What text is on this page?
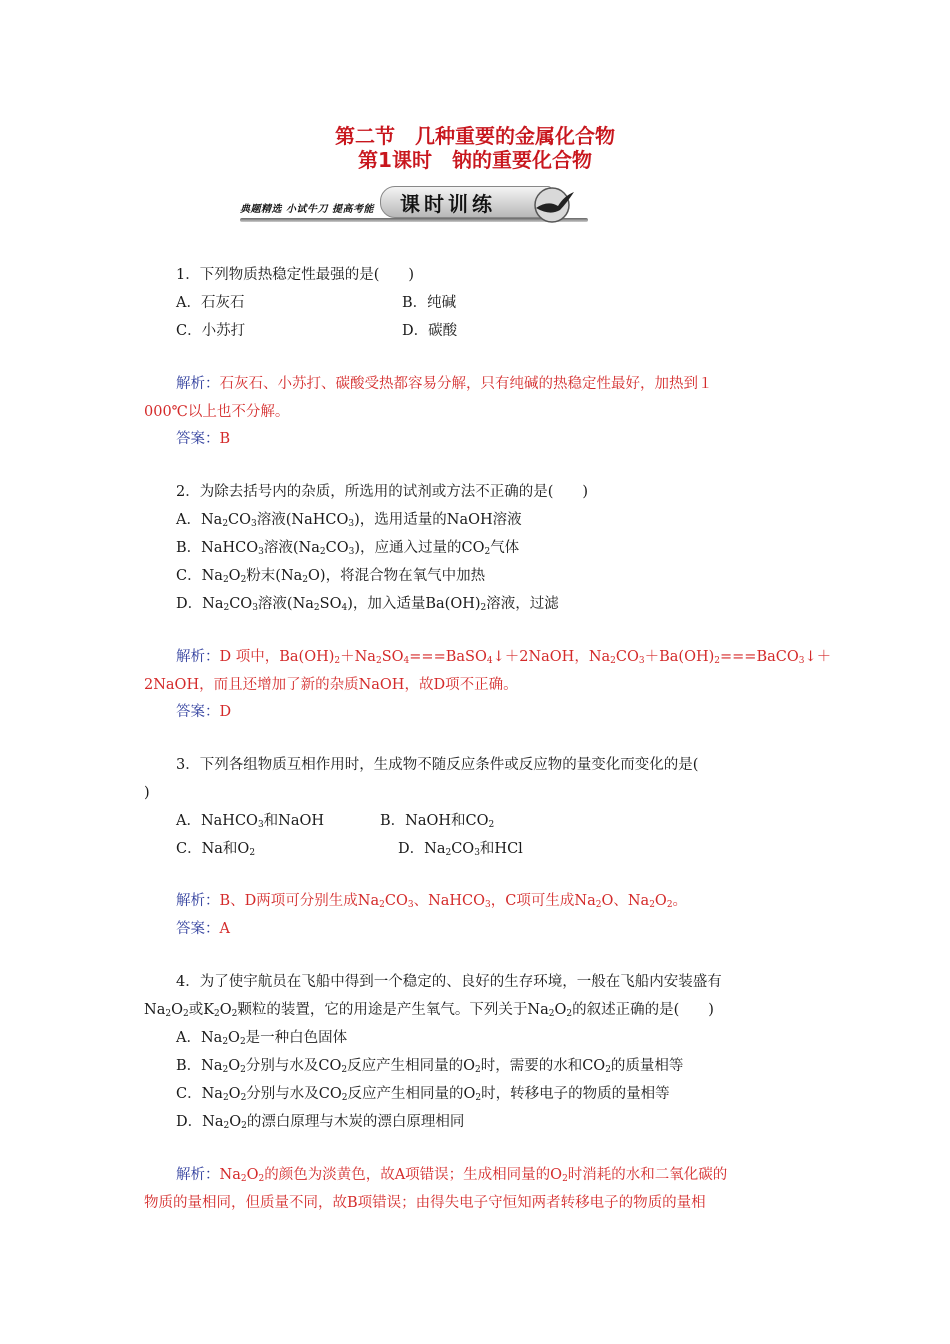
第二节　几种重要的金属化合物
第1课时　钠的重要化合物
典题精选 小试牛刀 提高考能 课时训练
1．下列物质热稳定性最强的是(　　)
A．石灰石	B．纯碱
C．小苏打	D．碳酸
解析：石灰石、小苏打、碳酸受热都容易分解，只有纯碱的热稳定性最好，加热到１
000℃以上也不分解。
答案：B
2．为除去括号内的杂质，所选用的试剂或方法不正确的是(　　)
A．$Na_2CO_3$溶液(NaHCO$_3$)，选用适量的NaOH溶液
B．NaHCO$_3$溶液$(Na_2CO_3)$，应通入过量的$CO_2$气体
C．$Na_2O_2$粉末$(Na_2O)$，将混合物在氧气中加热
D．$Na_2CO_3$溶液$(Na_2SO_4)$，加入适量$Ba(OH)_2$溶液，过滤
解析：D 项中，$Ba(OH)_2+Na_2SO_4===BaSO_4↓+2NaOH$，$Na_2CO_3+Ba(OH)_2===BaCO_3↓+$
2NaOH，而且还增加了新的杂质NaOH，故D项不正确。
答案：D
3．下列各组物质互相作用时，生成物不随反应条件或反应物的量变化而变化的是(
)
A．NaHCO$_3$和NaOH	B．NaOH和$CO_2$
C．Na和$O_2$	D．$Na_2CO_3$和HCl
解析：B、D两项可分别生成$Na_2CO_3$、NaHCO$_3$，C项可生成$Na_2O$、$Na_2O_2$。
答案：A
4．为了使宇航员在飞船中得到一个稳定的、良好的生存环境，一般在飞船内安装盛有
$Na_2O_2$或$K_2O_2$颗粒的装置，它的用途是产生氧气。下列关于$Na_2O_2$的叙述正确的是(　　)
A．$Na_2O_2$是一种白色固体
B．$Na_2O_2$分别与水及$CO_2$反应产生相同量的$O_2$时，需要的水和$CO_2$的质量相等
C．$Na_2O_2$分别与水及$CO_2$反应产生相同量的$O_2$时，转移电子的物质的量相等
D．$Na_2O_2$的漂白原理与木炭的漂白原理相同
解析：$Na_2O_2$的颜色为淡黄色，故A项错误；生成相同量的$O_2$时消耗的水和二氧化碳的
物质的量相同，但质量不同，故B项错误；由得失电子守恒知两者转移电子的物质的量相
